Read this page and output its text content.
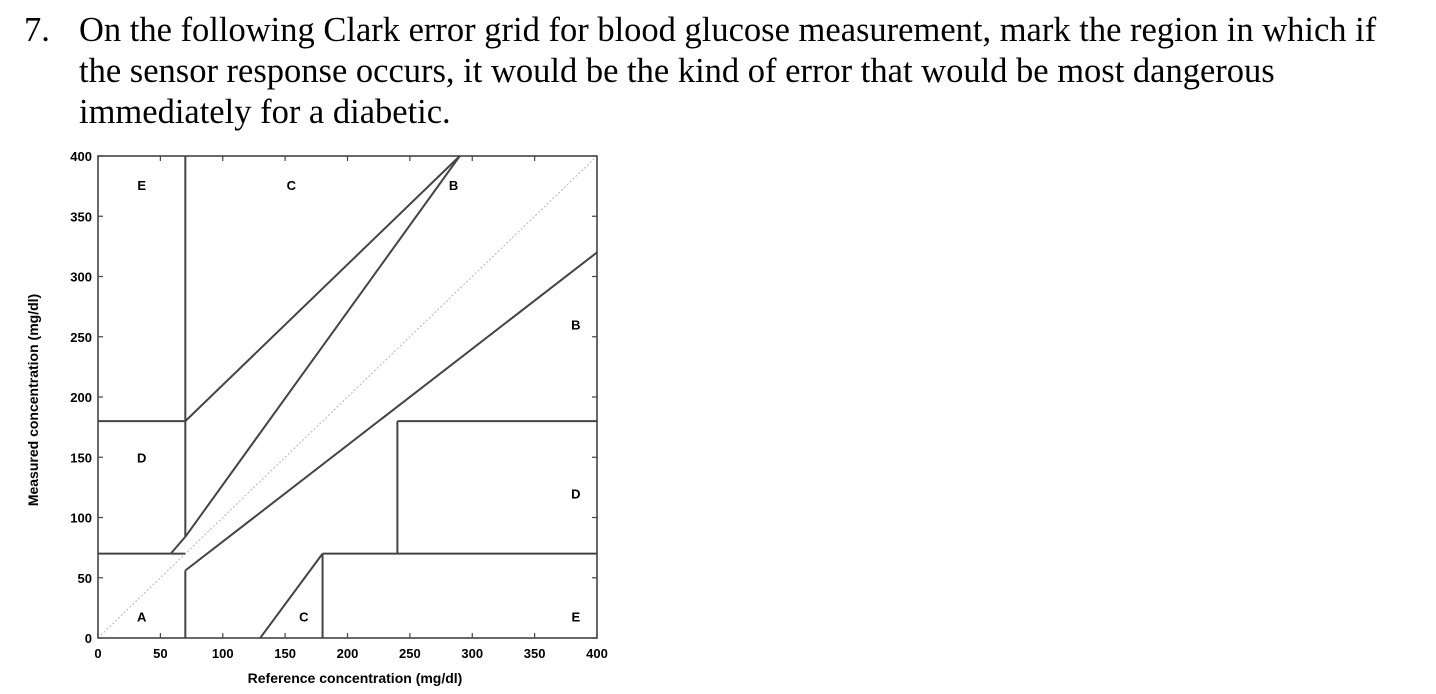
7. On the following Clark error grid for blood glucose measurement, mark the region in which if the sensor response occurs, it would be the kind of error that would be most dangerous immediately for a diabetic.
0	50	100	150	200	250	300	350	400
0
50
100
150
200
250
300
350
400
E	C	B
B
D
D
A	C	E
Reference concentration (mg/dl)
Measured concentration (mg/dl)
